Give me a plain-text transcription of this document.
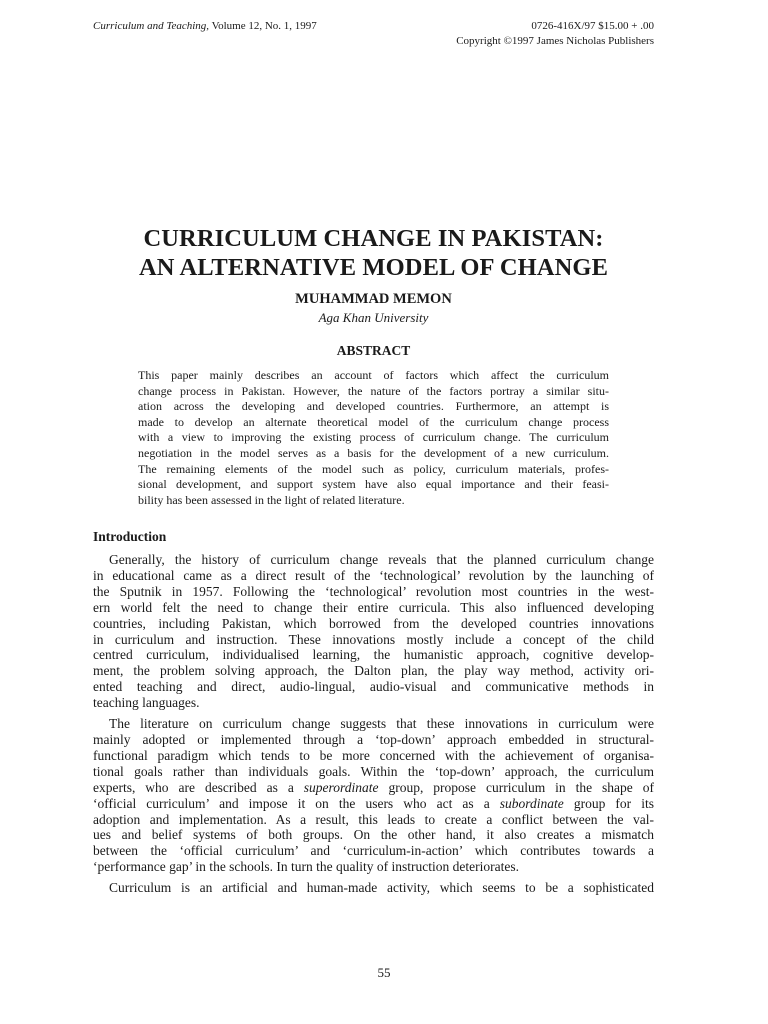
Curriculum and Teaching, Volume 12, No. 1, 1997	0726-416X/97 $15.00 + .00
Copyright ©1997 James Nicholas Publishers
CURRICULUM CHANGE IN PAKISTAN:
AN ALTERNATIVE MODEL OF CHANGE
MUHAMMAD MEMON
Aga Khan University
ABSTRACT
This paper mainly describes an account of factors which affect the curriculum
change process in Pakistan. However, the nature of the factors portray a similar situ-
ation across the developing and developed countries. Furthermore, an attempt is
made to develop an alternate theoretical model of the curriculum change process
with a view to improving the existing process of curriculum change. The curriculum
negotiation in the model serves as a basis for the development of a new curriculum.
The remaining elements of the model such as policy, curriculum materials, profes-
sional development, and support system have also equal importance and their feasi-
bility has been assessed in the light of related literature.
Introduction
Generally, the history of curriculum change reveals that the planned curriculum change
in educational came as a direct result of the ‘technological’ revolution by the launching of
the Sputnik in 1957. Following the ‘technological’ revolution most countries in the west-
ern world felt the need to change their entire curricula. This also influenced developing
countries, including Pakistan, which borrowed from the developed countries innovations
in curriculum and instruction. These innovations mostly include a concept of the child
centred curriculum, individualised learning, the humanistic approach, cognitive develop-
ment, the problem solving approach, the Dalton plan, the play way method, activity ori-
ented teaching and direct, audio-lingual, audio-visual and communicative methods in
teaching languages.
The literature on curriculum change suggests that these innovations in curriculum were
mainly adopted or implemented through a ‘top-down’ approach embedded in structural-
functional paradigm which tends to be more concerned with the achievement of organisa-
tional goals rather than individuals goals. Within the ‘top-down’ approach, the curriculum
experts, who are described as a superordinate group, propose curriculum in the shape of
‘official curriculum’ and impose it on the users who act as a subordinate group for its
adoption and implementation. As a result, this leads to create a conflict between the val-
ues and belief systems of both groups. On the other hand, it also creates a mismatch
between the ‘official curriculum’ and ‘curriculum-in-action’ which contributes towards a
‘performance gap’ in the schools. In turn the quality of instruction deteriorates.
Curriculum is an artificial and human-made activity, which seems to be a sophisticated
55
